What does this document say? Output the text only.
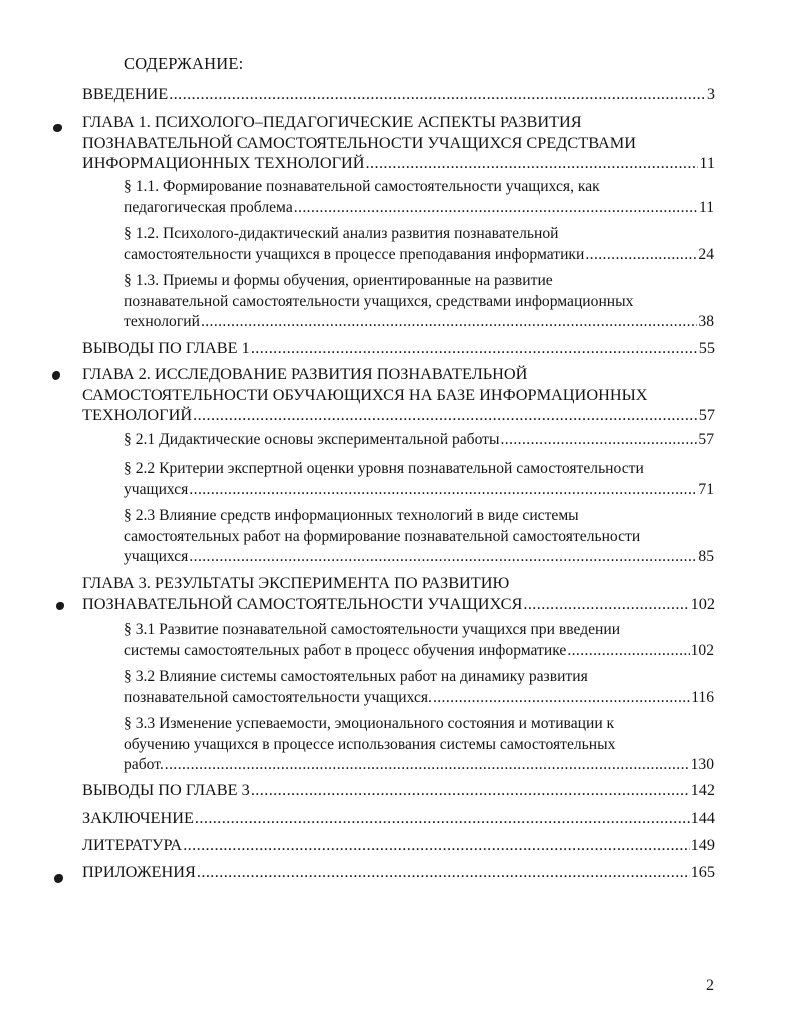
СОДЕРЖАНИЕ:

ВВЕДЕНИЕ .....	3

ГЛАВА 1. ПСИХОЛОГО–ПЕДАГОГИЧЕСКИЕ АСПЕКТЫ РАЗВИТИЯ
ПОЗНАВАТЕЛЬНОЙ САМОСТОЯТЕЛЬНОСТИ УЧАЩИХСЯ СРЕДСТВАМИ
ИНФОРМАЦИОННЫХ ТЕХНОЛОГИЙ .....	11

§ 1.1. Формирование познавательной самостоятельности учащихся, как
педагогическая проблема .....	11

§ 1.2. Психолого-дидактический анализ развития познавательной
самостоятельности учащихся в процессе преподавания информатики .....	24

§ 1.3. Приемы и формы обучения, ориентированные на развитие
познавательной самостоятельности учащихся, средствами информационных
технологий .....	38

ВЫВОДЫ ПО ГЛАВЕ 1 .....	55

ГЛАВА 2. ИССЛЕДОВАНИЕ РАЗВИТИЯ ПОЗНАВАТЕЛЬНОЙ
САМОСТОЯТЕЛЬНОСТИ ОБУЧАЮЩИХСЯ НА БАЗЕ ИНФОРМАЦИОННЫХ
ТЕХНОЛОГИЙ .....	57

§ 2.1 Дидактические основы экспериментальной работы .....	57

§ 2.2 Критерии экспертной оценки уровня познавательной самостоятельности
учащихся .....	71

§ 2.3 Влияние средств информационных технологий в виде системы
самостоятельных работ на формирование познавательной самостоятельности
учащихся .....	85

ГЛАВА 3. РЕЗУЛЬТАТЫ ЭКСПЕРИМЕНТА ПО РАЗВИТИЮ
ПОЗНАВАТЕЛЬНОЙ САМОСТОЯТЕЛЬНОСТИ УЧАЩИХСЯ .....	102

§ 3.1 Развитие познавательной самостоятельности учащихся при введении
системы самостоятельных работ в процесс обучения информатике .....	102

§ 3.2 Влияние системы самостоятельных работ на динамику развития
познавательной самостоятельности учащихся. .....	116

§ 3.3 Изменение успеваемости, эмоционального состояния и мотивации к
обучению учащихся в процессе использования системы самостоятельных
работ. .....	130

ВЫВОДЫ ПО ГЛАВЕ 3 .....	142

ЗАКЛЮЧЕНИЕ .....	144

ЛИТЕРАТУРА .....	149

ПРИЛОЖЕНИЯ .....	165

2
